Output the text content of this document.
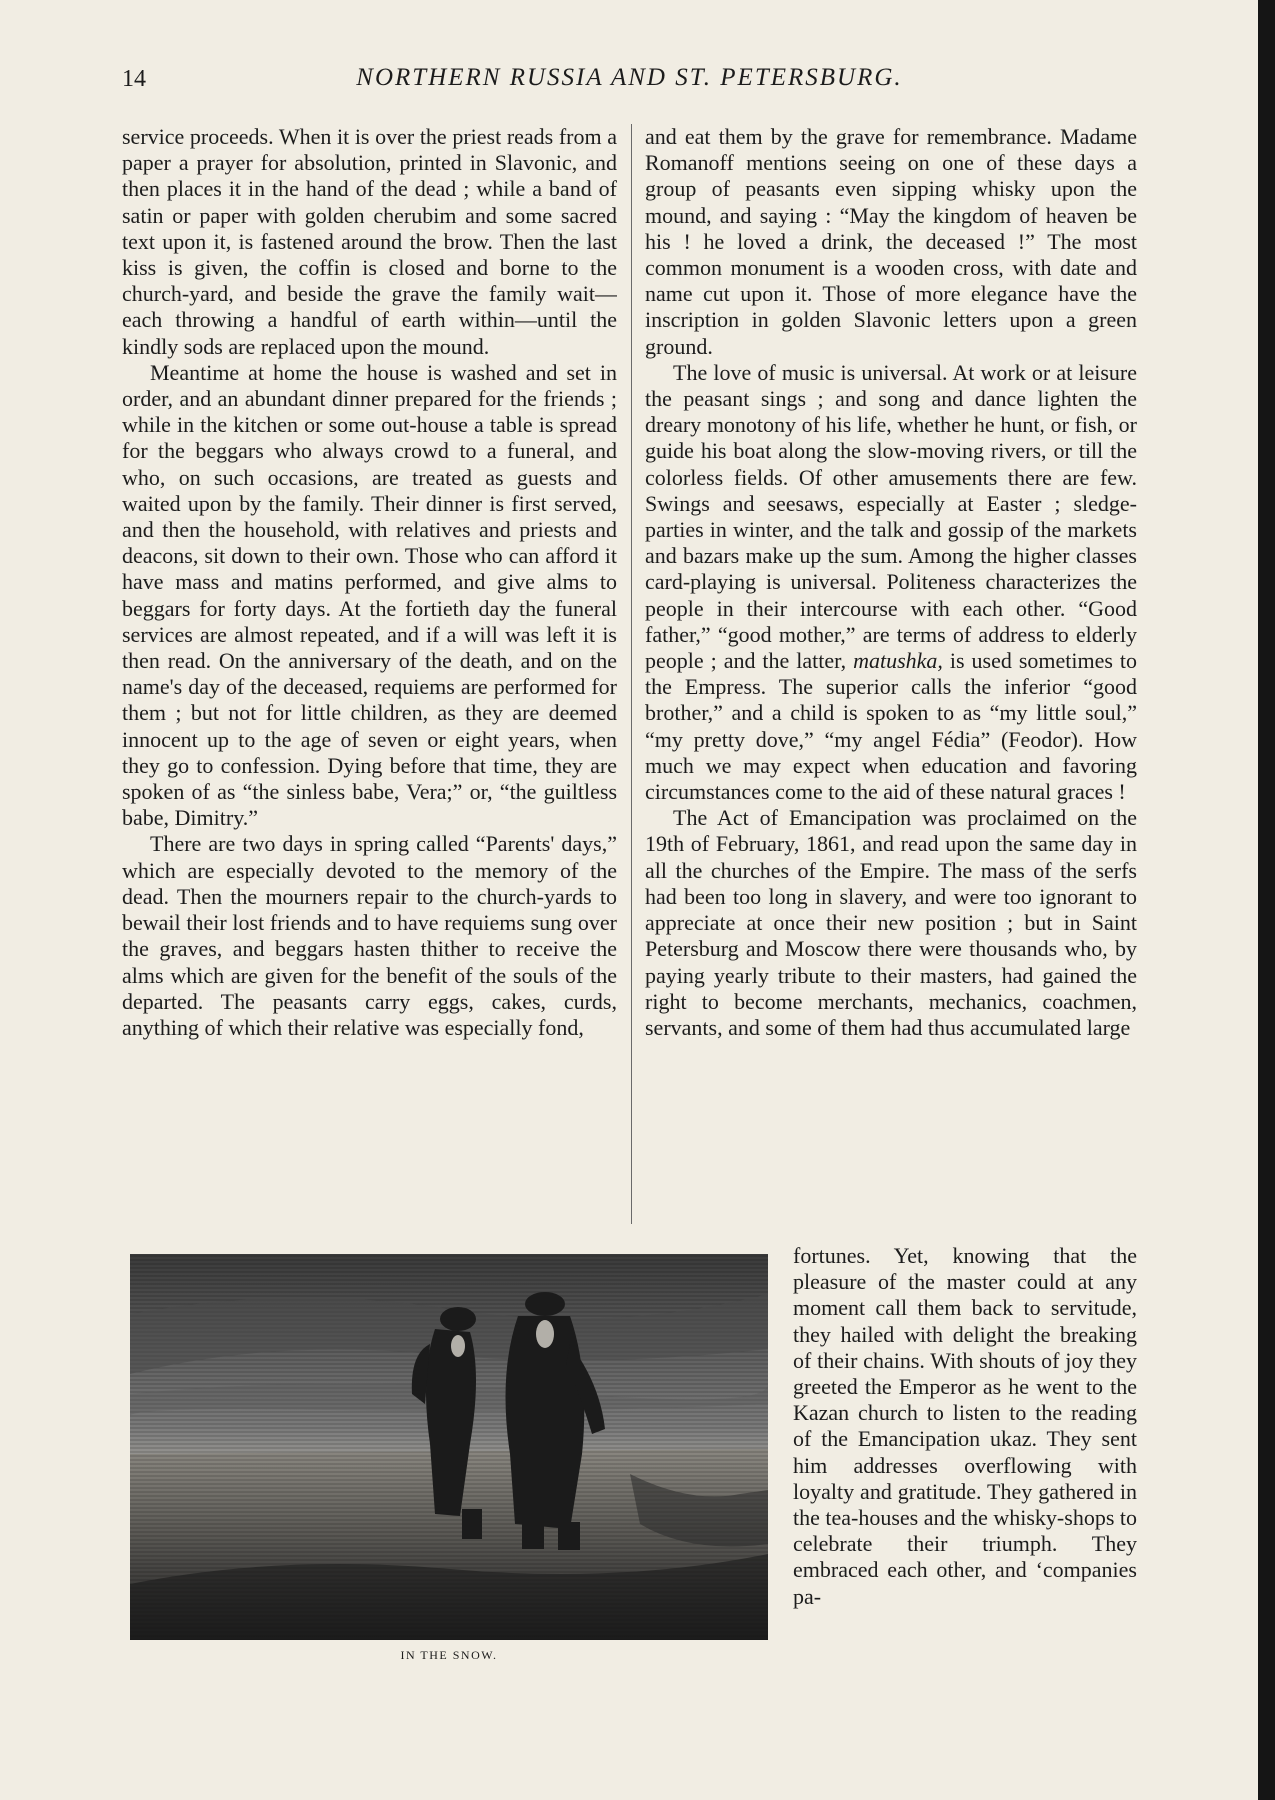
14	NORTHERN RUSSIA AND ST. PETERSBURG.

service proceeds. When it is over the priest reads from a paper a prayer for absolution, printed in Slavonic, and then places it in the hand of the dead ; while a band of satin or paper with golden cherubim and some sacred text upon it, is fastened around the brow. Then the last kiss is given, the coffin is closed and borne to the church-yard, and beside the grave the family wait—each throwing a handful of earth within—until the kindly sods are replaced upon the mound.

Meantime at home the house is washed and set in order, and an abundant dinner prepared for the friends ; while in the kitchen or some out-house a table is spread for the beggars who always crowd to a funeral, and who, on such occasions, are treated as guests and waited upon by the family. Their dinner is first served, and then the household, with relatives and priests and deacons, sit down to their own. Those who can afford it have mass and matins performed, and give alms to beggars for forty days. At the fortieth day the funeral services are almost repeated, and if a will was left it is then read. On the anniversary of the death, and on the name's day of the deceased, requiems are performed for them ; but not for little children, as they are deemed innocent up to the age of seven or eight years, when they go to confession. Dying before that time, they are spoken of as “the sinless babe, Vera;” or, “the guiltless babe, Dimitry.”

There are two days in spring called “Parents' days,” which are especially devoted to the memory of the dead. Then the mourners repair to the church-yards to bewail their lost friends and to have requiems sung over the graves, and beggars hasten thither to receive the alms which are given for the benefit of the souls of the departed. The peasants carry eggs, cakes, curds, anything of which their relative was especially fond,

and eat them by the grave for remembrance. Madame Romanoff mentions seeing on one of these days a group of peasants even sipping whisky upon the mound, and saying : “May the kingdom of heaven be his ! he loved a drink, the deceased !” The most common monument is a wooden cross, with date and name cut upon it. Those of more elegance have the inscription in golden Slavonic letters upon a green ground.

The love of music is universal. At work or at leisure the peasant sings ; and song and dance lighten the dreary monotony of his life, whether he hunt, or fish, or guide his boat along the slow-moving rivers, or till the colorless fields. Of other amusements there are few. Swings and seesaws, especially at Easter ; sledge-parties in winter, and the talk and gossip of the markets and bazars make up the sum. Among the higher classes card-playing is universal. Politeness characterizes the people in their intercourse with each other. “Good father,” “good mother,” are terms of address to elderly people ; and the latter, matushka, is used sometimes to the Empress. The superior calls the inferior “good brother,” and a child is spoken to as “my little soul,” “my pretty dove,” “my angel Fédia” (Feodor). How much we may expect when education and favoring circumstances come to the aid of these natural graces !

The Act of Emancipation was proclaimed on the 19th of February, 1861, and read upon the same day in all the churches of the Empire. The mass of the serfs had been too long in slavery, and were too ignorant to appreciate at once their new position ; but in Saint Petersburg and Moscow there were thousands who, by paying yearly tribute to their masters, had gained the right to become merchants, mechanics, coachmen, servants, and some of them had thus accumulated large

fortunes. Yet, knowing that the pleasure of the master could at any moment call them back to servitude, they hailed with delight the breaking of their chains. With shouts of joy they greeted the Emperor as he went to the Kazan church to listen to the reading of the Emancipation ukaz. They sent him addresses overflowing with loyalty and gratitude. They gathered in the tea-houses and the whisky-shops to celebrate their triumph. They embraced each other, and ‘companies pa-

IN THE SNOW.
